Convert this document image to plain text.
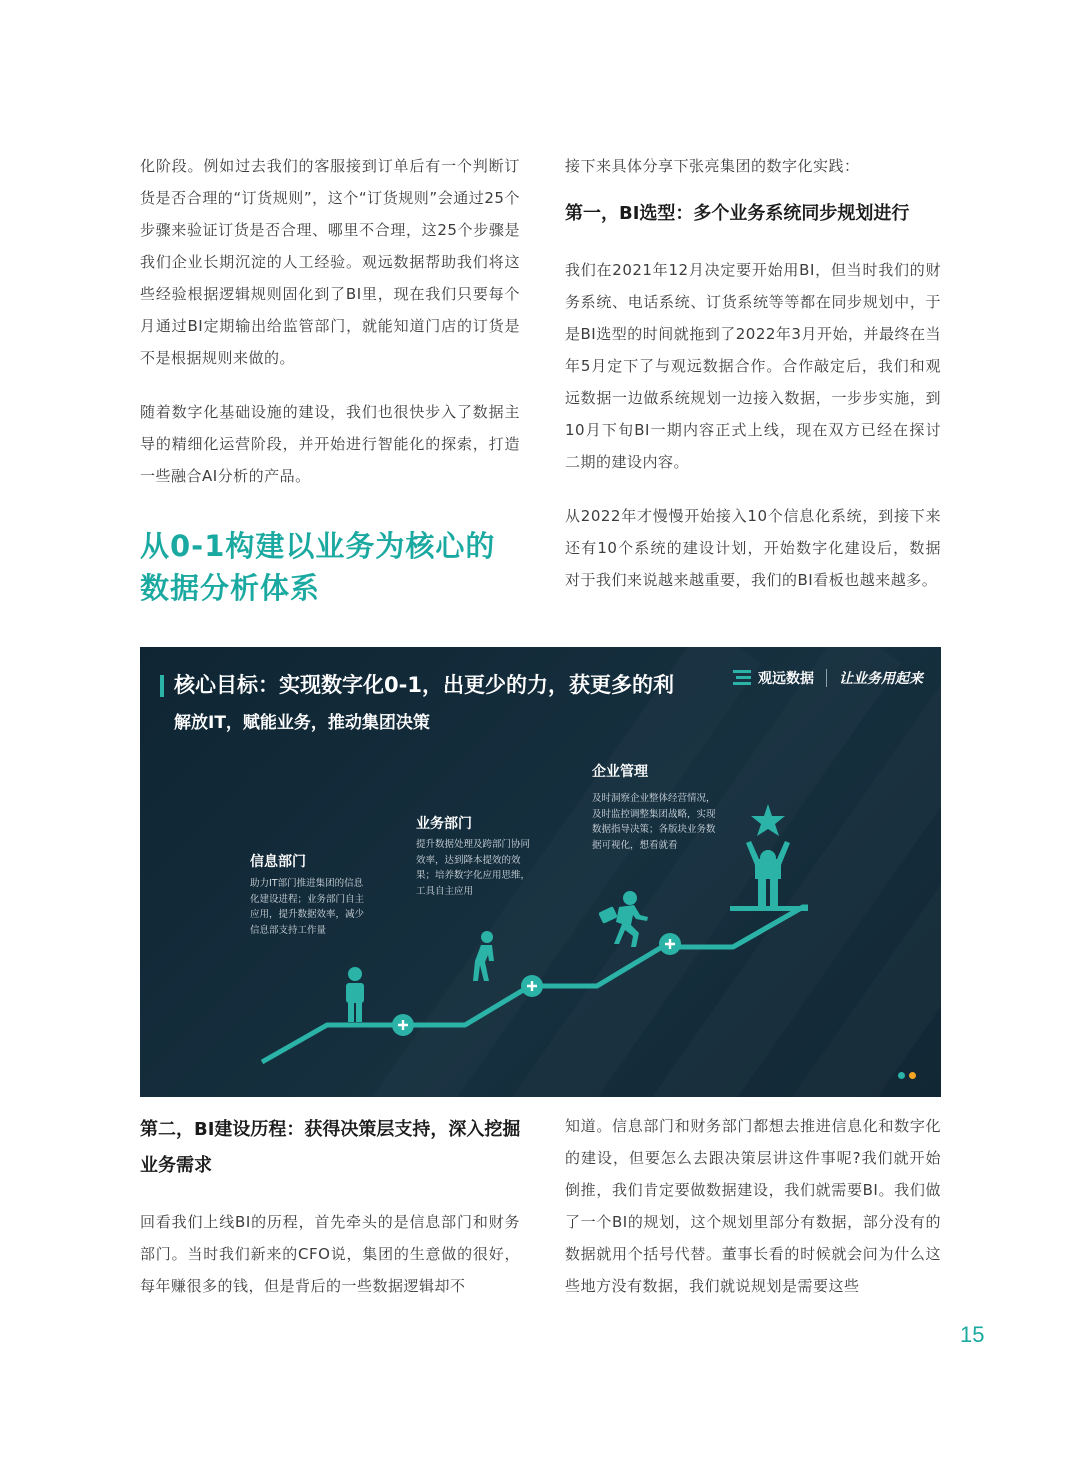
化阶段。例如过去我们的客服接到订单后有一个判断订货是否合理的“订货规则”，这个“订货规则”会通过25个步骤来验证订货是否合理、哪里不合理，这25个步骤是我们企业长期沉淀的人工经验。观远数据帮助我们将这些经验根据逻辑规则固化到了BI里，现在我们只要每个月通过BI定期输出给监管部门，就能知道门店的订货是不是根据规则来做的。
随着数字化基础设施的建设，我们也很快步入了数据主导的精细化运营阶段，并开始进行智能化的探索，打造一些融合AI分析的产品。
从0-1构建以业务为核心的数据分析体系
接下来具体分享下张亮集团的数字化实践：
第一，BI选型：多个业务系统同步规划进行
我们在2021年12月决定要开始用BI，但当时我们的财务系统、电话系统、订货系统等等都在同步规划中，于是BI选型的时间就拖到了2022年3月开始，并最终在当年5月定下了与观远数据合作。合作敲定后，我们和观远数据一边做系统规划一边接入数据，一步步实施，到10月下旬BI一期内容正式上线，现在双方已经在探讨二期的建设内容。
从2022年才慢慢开始接入10个信息化系统，到接下来还有10个系统的建设计划，开始数字化建设后，数据对于我们来说越来越重要，我们的BI看板也越来越多。
核心目标：实现数字化0-1，出更少的力，获更多的利
解放IT，赋能业务，推动集团决策
观远数据 让业务用起来
信息部门
助力IT部门推进集团的信息化建设进程；业务部门自主应用，提升数据效率，减少信息部支持工作量
业务部门
提升数据处理及跨部门协同效率，达到降本提效的效果；培养数字化应用思维，工具自主应用
企业管理
及时洞察企业整体经营情况，及时监控调整集团战略，实现数据指导决策；各版块业务数据可视化，想看就看
第二，BI建设历程：获得决策层支持，深入挖掘业务需求
回看我们上线BI的历程，首先牵头的是信息部门和财务部门。当时我们新来的CFO说，集团的生意做的很好，每年赚很多的钱，但是背后的一些数据逻辑却不
知道。信息部门和财务部门都想去推进信息化和数字化的建设，但要怎么去跟决策层讲这件事呢?我们就开始倒推，我们肯定要做数据建设，我们就需要BI。我们做了一个BI的规划，这个规划里部分有数据，部分没有的数据就用个括号代替。董事长看的时候就会问为什么这些地方没有数据，我们就说规划是需要这些
15
